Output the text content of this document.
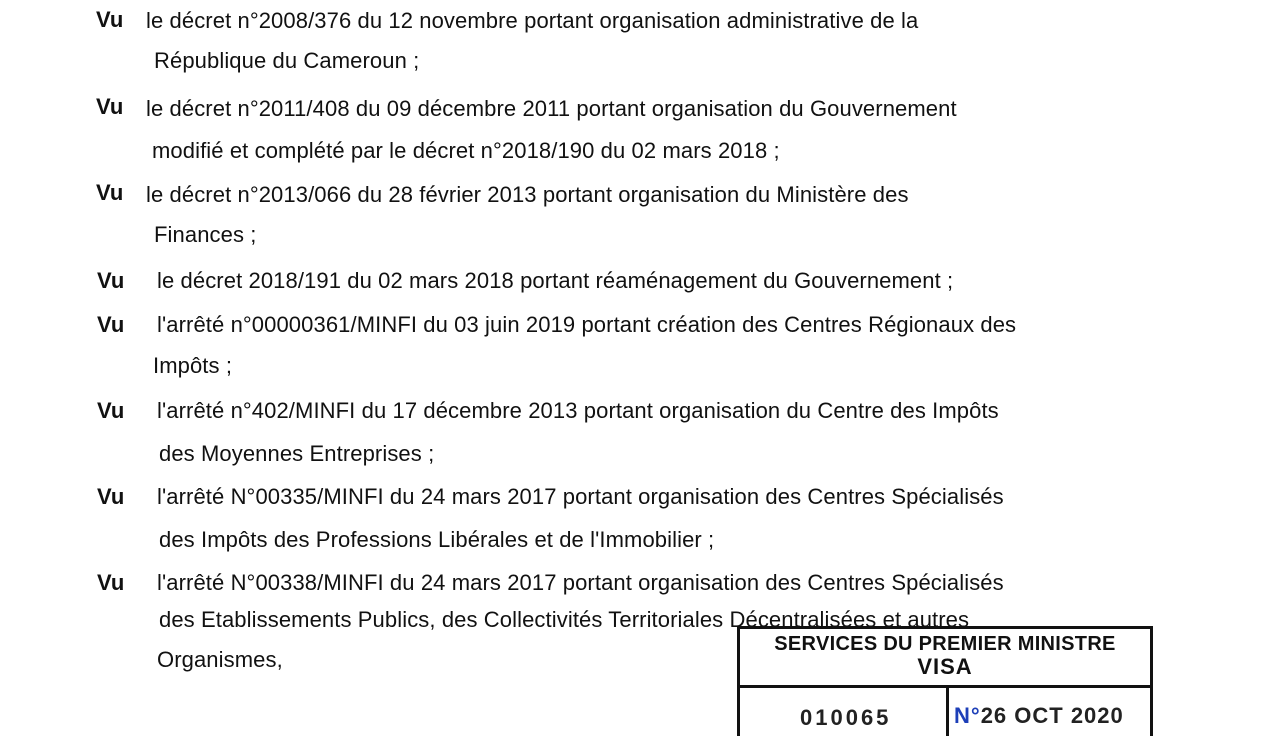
Vu le décret n°2008/376 du 12 novembre portant organisation administrative de la
République du Cameroun ;
Vu le décret n°2011/408 du 09 décembre 2011 portant organisation du Gouvernement
modifié et complété par le décret n°2018/190 du 02 mars 2018 ;
Vu le décret n°2013/066 du 28 février 2013 portant organisation du Ministère des
Finances ;
Vu le décret 2018/191 du 02 mars 2018 portant réaménagement du Gouvernement ;
Vu l'arrêté n°00000361/MINFI du 03 juin 2019 portant création des Centres Régionaux des
Impôts ;
Vu l'arrêté n°402/MINFI du 17 décembre 2013 portant organisation du Centre des Impôts
des Moyennes Entreprises ;
Vu l'arrêté N°00335/MINFI du 24 mars 2017 portant organisation des Centres Spécialisés
des Impôts des Professions Libérales et de l'Immobilier ;
Vu l'arrêté N°00338/MINFI du 24 mars 2017 portant organisation des Centres Spécialisés
des Etablissements Publics, des Collectivités Territoriales Décentralisées et autres
Organismes,
SERVICES DU PREMIER MINISTRE
VISA
010065	N°26 OCT 2020
